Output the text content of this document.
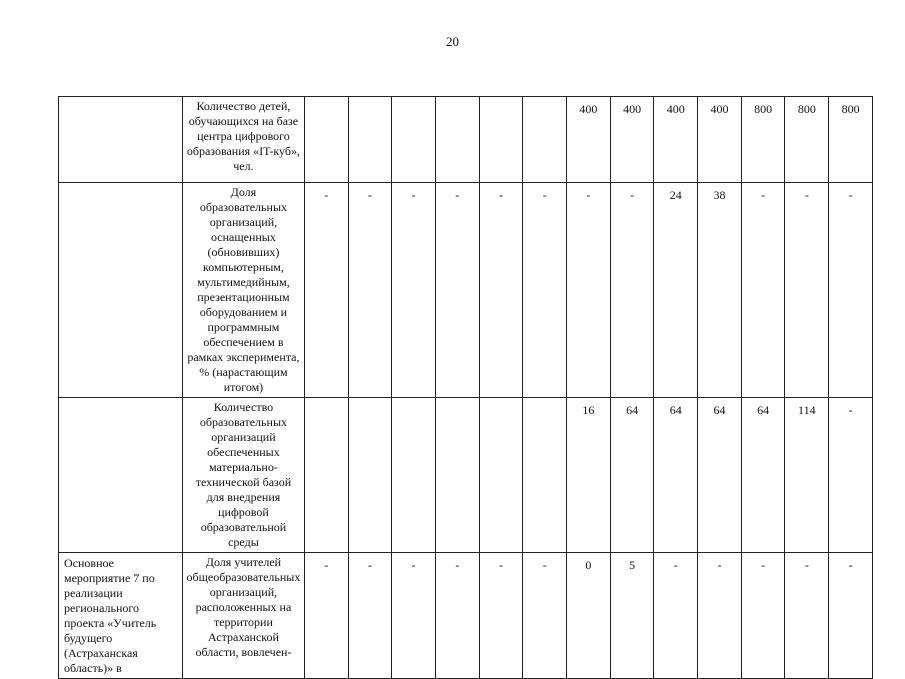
20
	Количество детей, обучающихся на базе центра цифрового образования «IT-куб», чел.							400	400	400	400	800	800	800
	Доля образовательных организаций, оснащенных (обновивших) компьютерным, мультимедийным, презентационным оборудованием и программным обеспечением в рамках эксперимента, % (нарастающим итогом)	-	-	-	-	-	-	-	-	24	38	-	-	-
	Количество образовательных организаций обеспеченных материально-технической базой для внедрения цифровой образовательной среды							16	64	64	64	64	114	-
Основное мероприятие 7 по реализации регионального проекта «Учитель будущего (Астраханская область)» в	Доля учителей общеобразовательных организаций, расположенных на территории Астраханской области, вовлечен-	-	-	-	-	-	-	0	5	-	-	-	-	-
